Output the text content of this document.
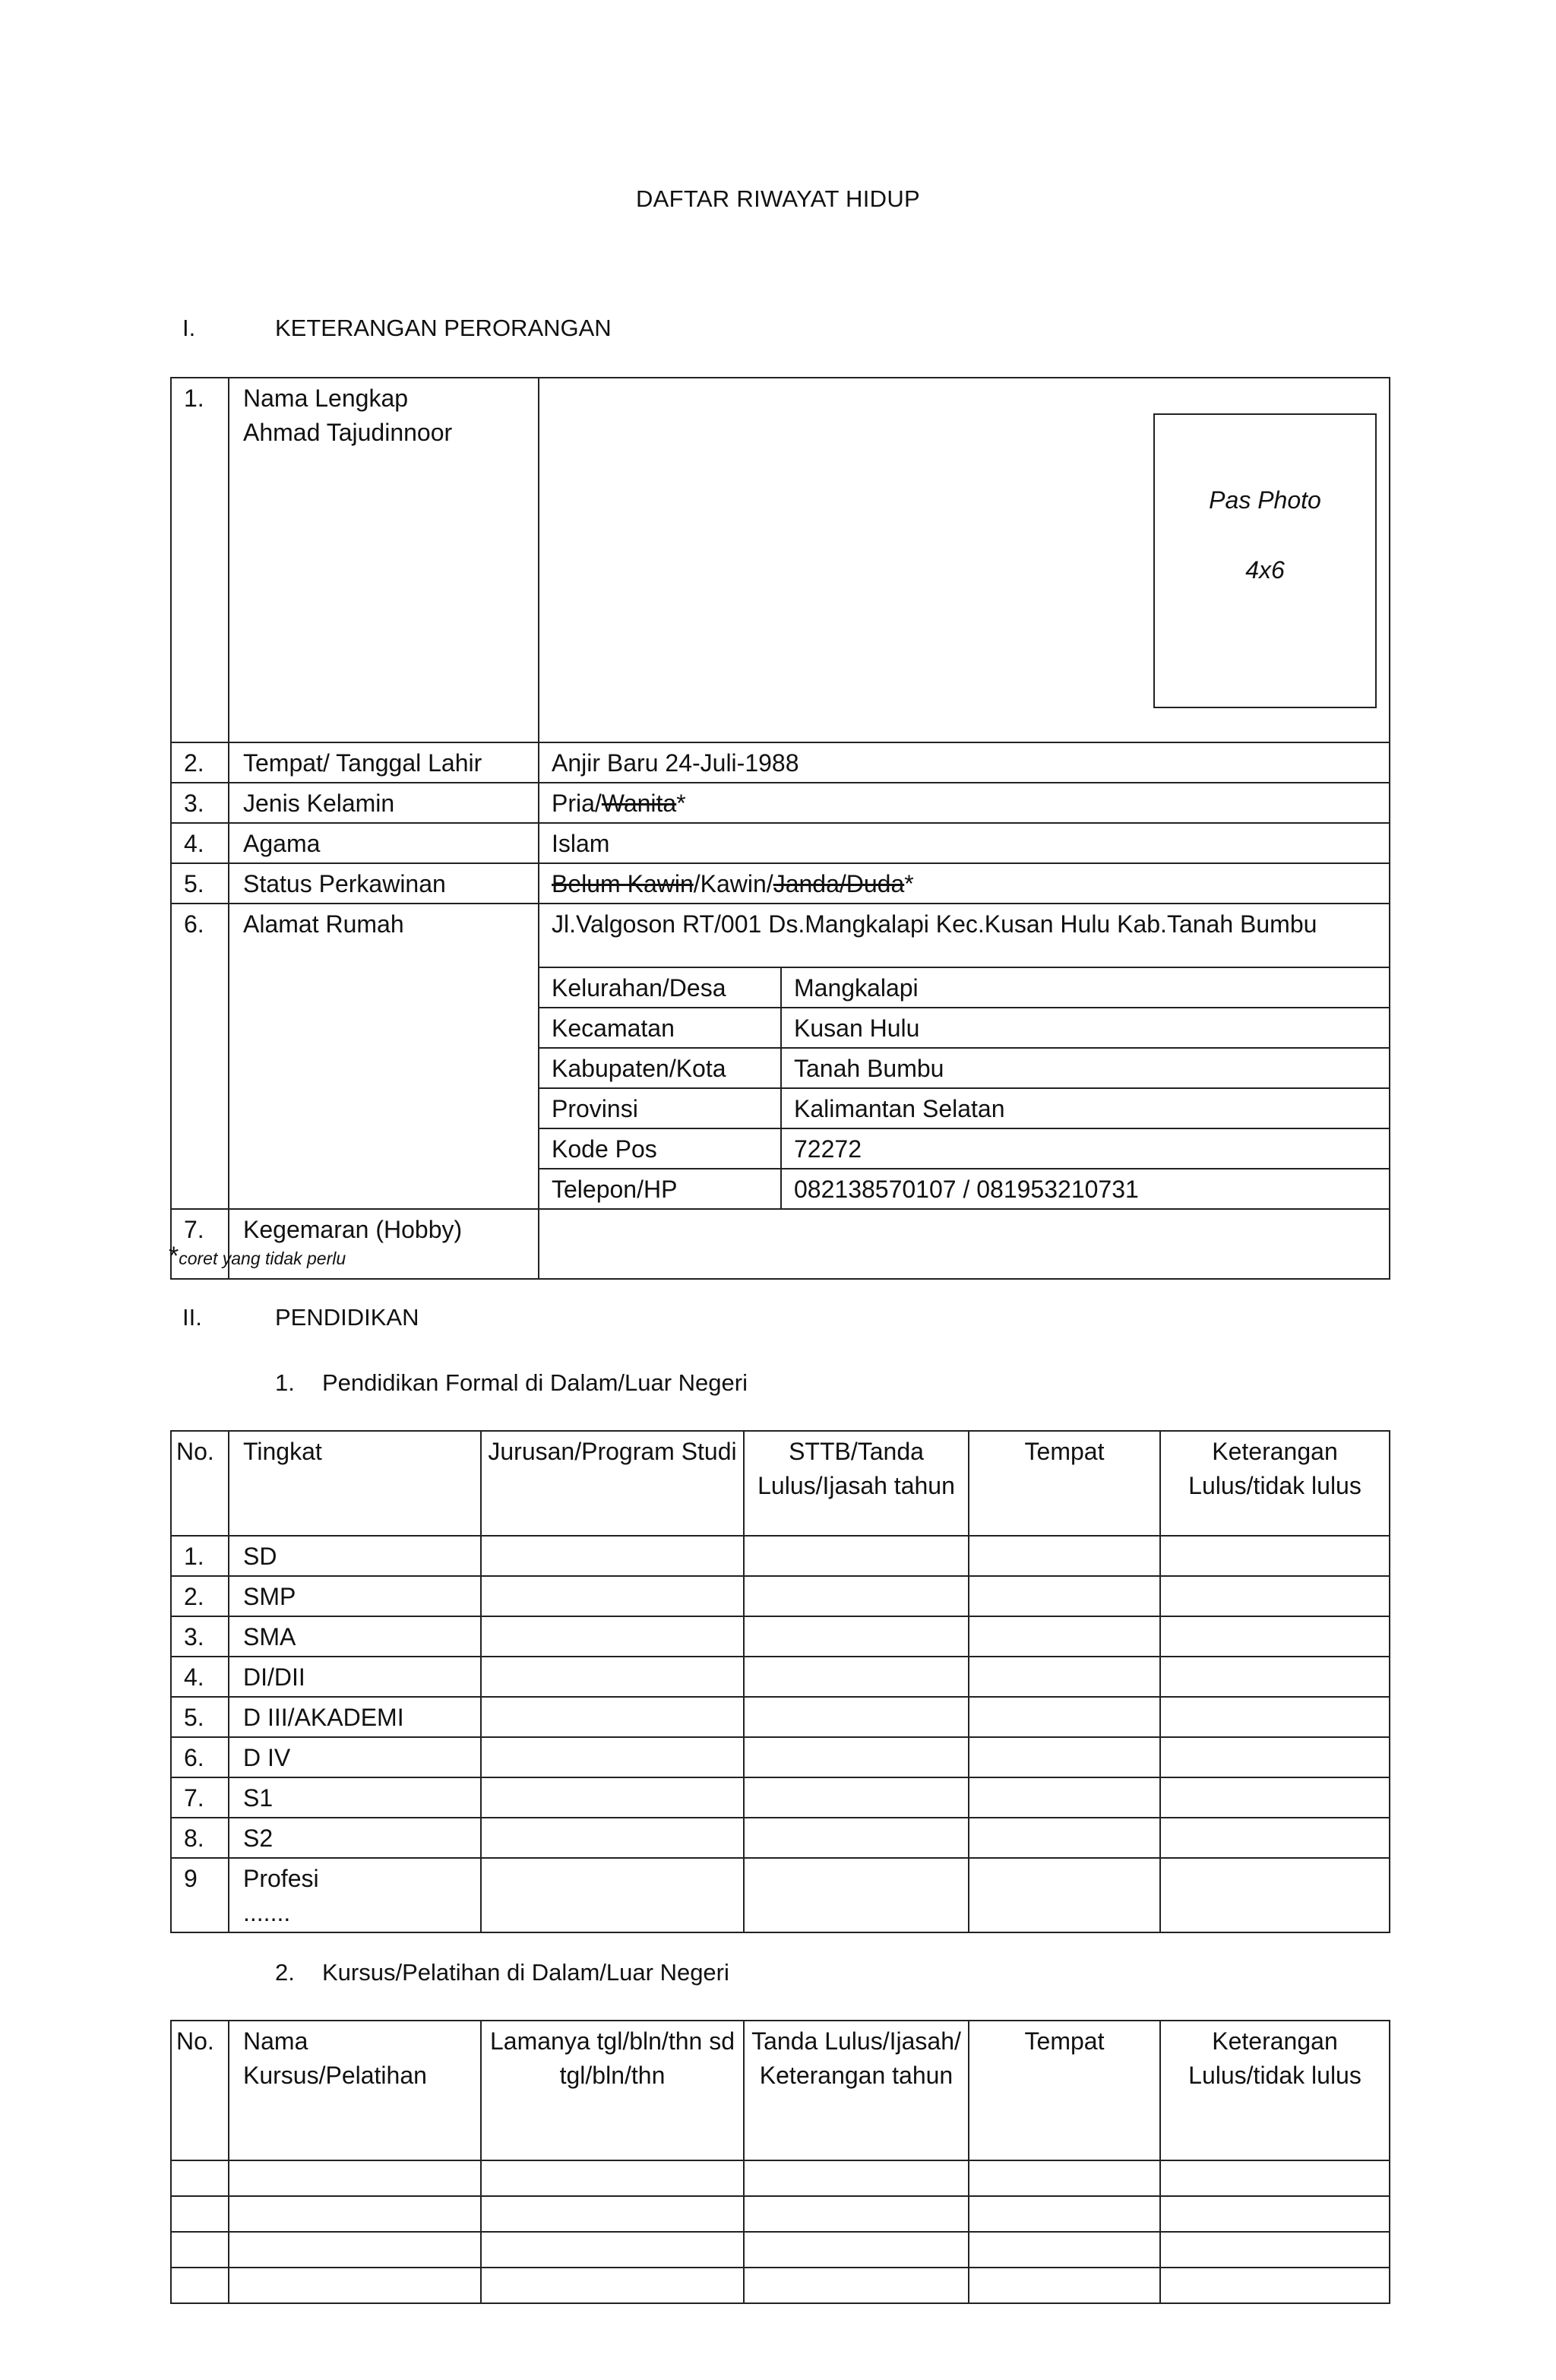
DAFTAR RIWAYAT HIDUP
I.	KETERANGAN PERORANGAN
1.	Nama Lengkap
Ahmad Tajudinnoor

2.	Tempat/ Tanggal Lahir	Anjir Baru 24-Juli-1988
3.	Jenis Kelamin	Pria/Wanita*
4.	Agama	Islam
5.	Status Perkawinan	Belum Kawin/Kawin/Janda/Duda*
6.	Alamat Rumah	Jl.Valgoson RT/001 Ds.Mangkalapi Kec.Kusan Hulu Kab.Tanah Bumbu
Kelurahan/Desa	Mangkalapi
Kecamatan	Kusan Hulu
Kabupaten/Kota	Tanah Bumbu
Provinsi	Kalimantan Selatan
Kode Pos	72272
Telepon/HP	082138570107 / 081953210731

7.	Kegemaran (Hobby)	
Pas Photo
4x6
*coret yang tidak perlu
II.	PENDIDIKAN
1. Pendidikan Formal di Dalam/Luar Negeri
No.	Tingkat	Jurusan/Program Studi	STTB/Tanda Lulus/Ijasah tahun	Tempat	Keterangan Lulus/tidak lulus
1.	SD				
2.	SMP				
3.	SMA				
4.	DI/DII				
5.	D III/AKADEMI				
6.	D IV				
7.	S1				
8.	S2				
9	Profesi
.......				

2. Kursus/Pelatihan di Dalam/Luar Negeri
No.	Nama Kursus/Pelatihan	Lamanya tgl/bln/thn sd tgl/bln/thn	Tanda Lulus/Ijasah/ Keterangan tahun	Tempat	Keterangan Lulus/tidak lulus
